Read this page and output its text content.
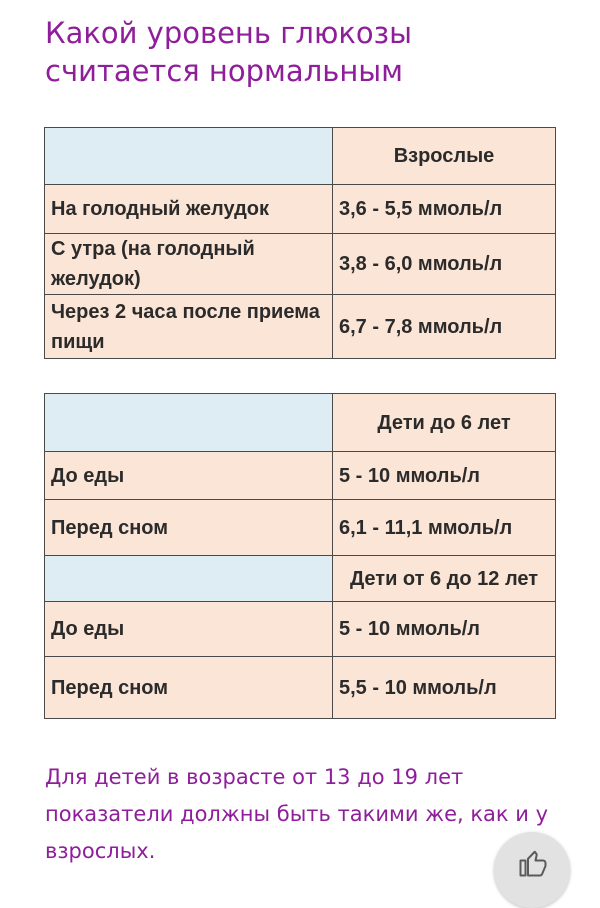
Какой уровень глюкозы
считается нормальным
	Взрослые
На голодный желудок	3,6 - 5,5 ммоль/л
С утра (на голодный желудок)	3,8 - 6,0 ммоль/л
Через 2 часа после приема пищи	6,7 - 7,8 ммоль/л
	Дети до 6 лет
До еды	5 - 10 ммоль/л
Перед сном	6,1 - 11,1 ммоль/л
	Дети от 6 до 12 лет
До еды	5 - 10 ммоль/л
Перед сном	5,5 - 10 ммоль/л

Для детей в возрасте от 13 до 19 лет показатели должны быть такими же, как и у взрослых.
